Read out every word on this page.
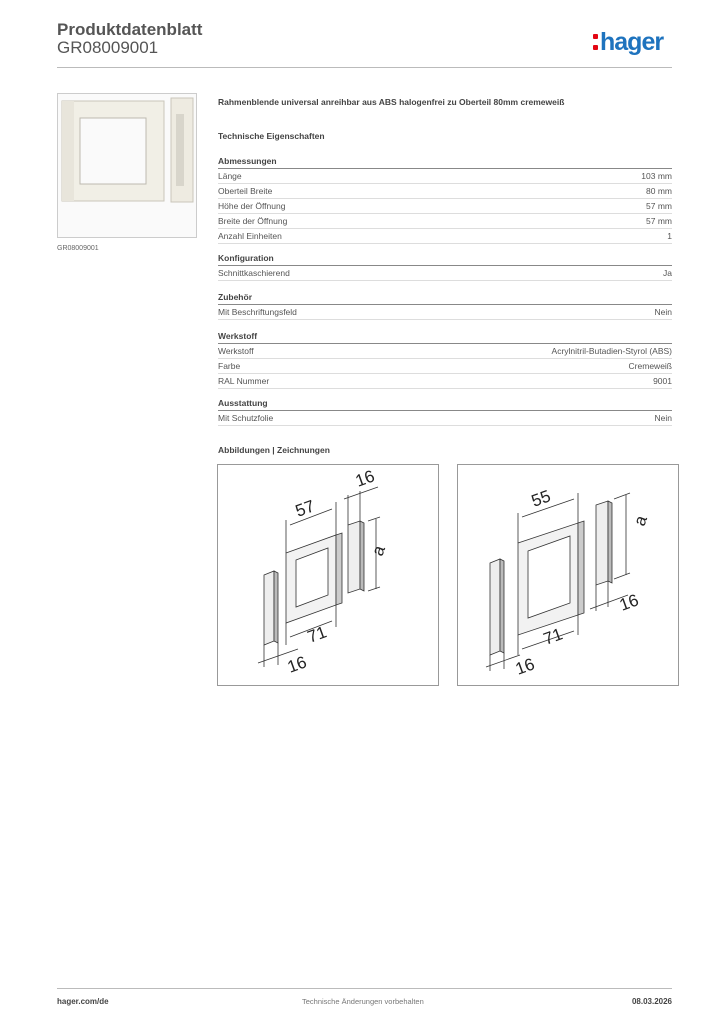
Produktdatenblatt
GR08009001	hager
GR08009001
Rahmenblende universal anreihbar aus ABS halogenfrei zu Oberteil 80mm cremeweiß
Technische Eigenschaften
Abmessungen
Länge	103 mm
Oberteil Breite	80 mm
Höhe der Öffnung	57 mm
Breite der Öffnung	57 mm
Anzahl Einheiten	1
Konfiguration
Schnittkaschierend	Ja
Zubehör
Mit Beschriftungsfeld	Nein
Werkstoff
Werkstoff	Acrylnitril-Butadien-Styrol (ABS)
Farbe	Cremeweiß
RAL Nummer	9001
Ausstattung
Mit Schutzfolie	Nein
Abbildungen | Zeichnungen
16
57
a
71
16
55
a
16
71
16
hager.com/de	Technische Änderungen vorbehalten	08.03.2026
